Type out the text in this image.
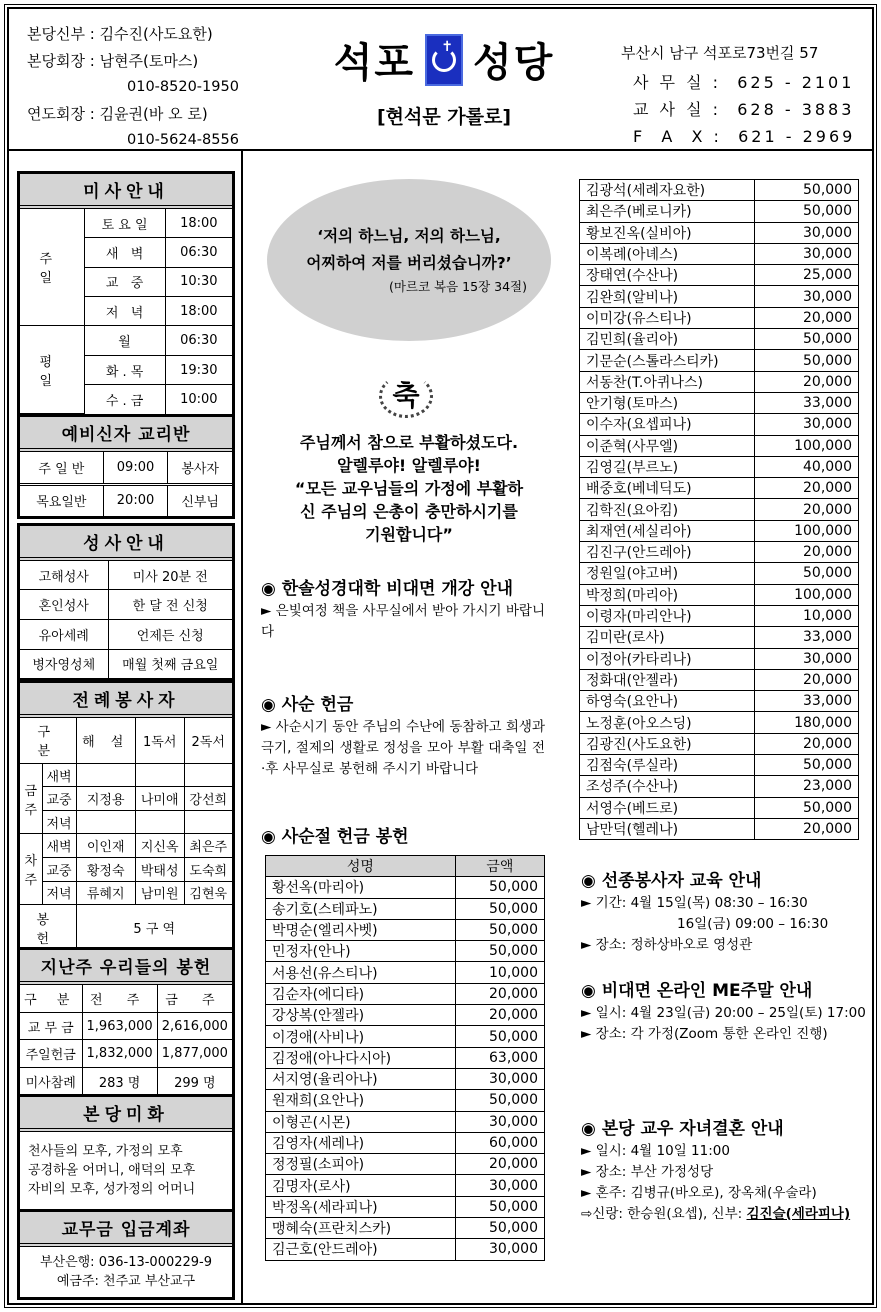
본당신부 : 김수진(사도요한)
본당회장 : 남현주(토마스)
010-8520-1950
연도회장 : 김윤권(바 오 로)
010-5624-8556
석포 ✝ 성당
[현석문 가롤로]
부산시 남구 석포로73번길 57
사 무 실 :  625 - 2101
교 사 실 :  628 - 3883
F  A  X :  621 - 2969
미사안내
주 일	토 요 일	18:00
	새   벽	06:30
	교   중	10:30
	저   녁	18:00
평 일	월	06:30
	화 . 목	19:30
	수 . 금	10:00
예비신자 교리반
주 일 반	09:00	봉사자
목요일반	20:00	신부님
성사안내
고해성사	미사 20분 전
혼인성사	한 달 전 신청
유아세례	언제든 신청
병자영성체	매월 첫째 금요일
전례봉사자
구 분		해 설	1독서	2독서
금주	새벽			
	교중	지정용	나미애	강선희
	저녁			
차주	새벽	이인재	지신옥	최은주
	교중	황정숙	박태성	도숙희
	저녁	류혜지	남미원	김현욱
봉 헌		5 구 역		
지난주 우리들의 봉헌
구 분	전 주	금 주
교 무 금	1,963,000	2,616,000
주일헌금	1,832,000	1,877,000
미사참례	283 명	299 명
본당미화
천사들의 모후, 가정의 모후
공경하올 어머니, 애덕의 모후
자비의 모후, 성가정의 어머니
교무금 입금계좌
부산은행: 036-13-000229-9
예금주: 천주교 부산교구
‘저의 하느님, 저의 하느님,
어찌하여 저를 버리셨습니까?’
(마르코 복음 15장 34절)
축
주님께서 참으로 부활하셨도다.
알렐루야! 알렐루야!
“모든 교우님들의 가정에 부활하
신 주님의 은총이 충만하시기를
기원합니다”
◉ 한솔성경대학 비대면 개강 안내
► 은빛여정 책을 사무실에서 받아 가시기 바랍니다
◉ 사순 헌금
► 사순시기 동안 주님의 수난에 동참하고 희생과 극기, 절제의 생활로 정성을 모아 부활 대축일 전·후 사무실로 봉헌해 주시기 바랍니다
◉ 사순절 헌금 봉헌
성명	금액
황선옥(마리아)	50,000
송기호(스테파노)	50,000
박명순(엘리사벳)	50,000
민정자(안나)	50,000
서용선(유스티나)	10,000
김순자(에디타)	20,000
강상복(안젤라)	20,000
이경애(사비나)	50,000
김정애(아나다시아)	63,000
서지영(율리아나)	30,000
원재희(요안나)	50,000
이형곤(시몬)	30,000
김영자(세레나)	60,000
정정필(소피아)	20,000
김명자(로사)	30,000
박정옥(세라피나)	50,000
맹혜숙(프란치스카)	50,000
김근호(안드레아)	30,000
김광석(세례자요한)	50,000
최은주(베로니카)	50,000
황보진옥(실비아)	30,000
이복례(아녜스)	30,000
장태연(수산나)	25,000
김완희(알비나)	30,000
이미강(유스티나)	20,000
김민희(율리아)	50,000
기문순(스톨라스티카)	50,000
서동찬(T.아퀴나스)	20,000
안기형(토마스)	33,000
이수자(요셉피나)	30,000
이준혁(사무엘)	100,000
김영길(부르노)	40,000
배중호(베네딕도)	20,000
김학진(요아킴)	20,000
최재연(세실리아)	100,000
김진구(안드레아)	20,000
정원일(야고버)	50,000
박정희(마리아)	100,000
이령자(마리안나)	10,000
김미란(로사)	33,000
이정아(카타리나)	30,000
정화대(안젤라)	20,000
하영숙(요안나)	33,000
노정훈(아오스딩)	180,000
김광진(사도요한)	20,000
김점숙(루실라)	50,000
조성주(수산나)	23,000
서영수(베드로)	50,000
남만덕(헬레나)	20,000
◉ 선종봉사자 교육 안내
► 기간: 4월 15일(목) 08:30 – 16:30
16일(금) 09:00 – 16:30
► 장소: 정하상바오로 영성관
◉ 비대면 온라인 ME주말 안내
► 일시: 4월 23일(금) 20:00 – 25일(토) 17:00
► 장소: 각 가정(Zoom 통한 온라인 진행)
◉ 본당 교우 자녀결혼 안내
► 일시: 4월 10일 11:00
► 장소: 부산 가정성당
► 혼주: 김병규(바오로), 장옥채(우술라)
⇨신랑: 한승원(요셉), 신부: 김진슬(세라피나)
